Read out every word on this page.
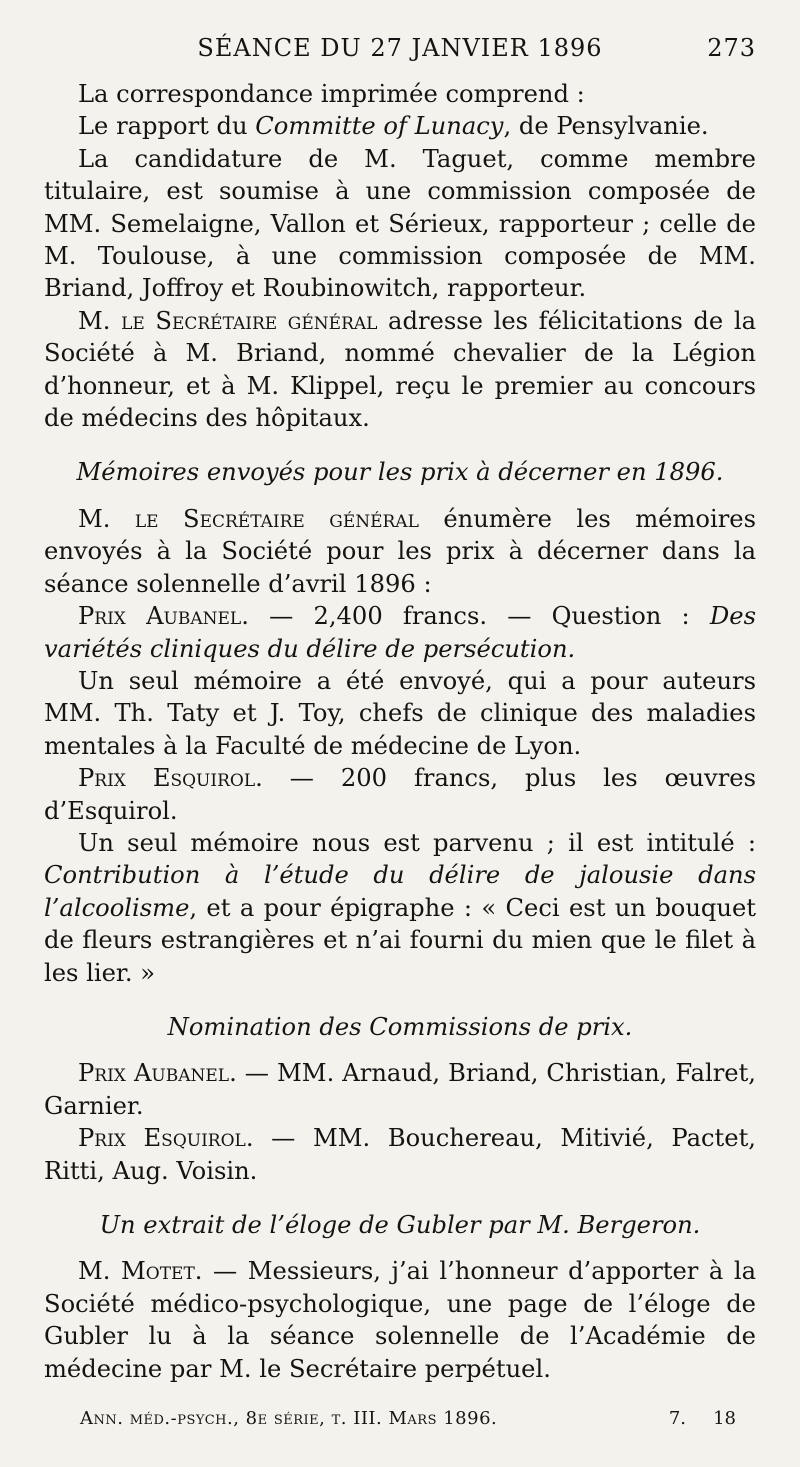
SÉANCE DU 27 JANVIER 1896	273

La correspondance imprimée comprend :

Le rapport du Committe of Lunacy, de Pensylvanie.

La candidature de M. Taguet, comme membre titulaire, est soumise à une commission composée de MM. Semelaigne, Vallon et Sérieux, rapporteur ; celle de M. Toulouse, à une commission composée de MM. Briand, Joffroy et Roubinowitch, rapporteur.

M. le Secrétaire général adresse les félicitations de la Société à M. Briand, nommé chevalier de la Légion d’honneur, et à M. Klippel, reçu le premier au concours de médecins des hôpitaux.

Mémoires envoyés pour les prix à décerner en 1896.

M. le Secrétaire général énumère les mémoires envoyés à la Société pour les prix à décerner dans la séance solennelle d’avril 1896 :

Prix Aubanel. — 2,400 francs. — Question : Des variétés cliniques du délire de persécution.

Un seul mémoire a été envoyé, qui a pour auteurs MM. Th. Taty et J. Toy, chefs de clinique des maladies mentales à la Faculté de médecine de Lyon.

Prix Esquirol. — 200 francs, plus les œuvres d’Esquirol.

Un seul mémoire nous est parvenu ; il est intitulé : Contribution à l’étude du délire de jalousie dans l’alcoolisme, et a pour épigraphe : « Ceci est un bouquet de fleurs estrangières et n’ai fourni du mien que le filet à les lier. »

Nomination des Commissions de prix.

Prix Aubanel. — MM. Arnaud, Briand, Christian, Falret, Garnier.

Prix Esquirol. — MM. Bouchereau, Mitivié, Pactet, Ritti, Aug. Voisin.

Un extrait de l’éloge de Gubler par M. Bergeron.

M. Motet. — Messieurs, j’ai l’honneur d’apporter à la Société médico-psychologique, une page de l’éloge de Gubler lu à la séance solennelle de l’Académie de médecine par M. le Secrétaire perpétuel.

Ann. méd.-psych., 8e série, t. III. Mars 1896.	7. 18
